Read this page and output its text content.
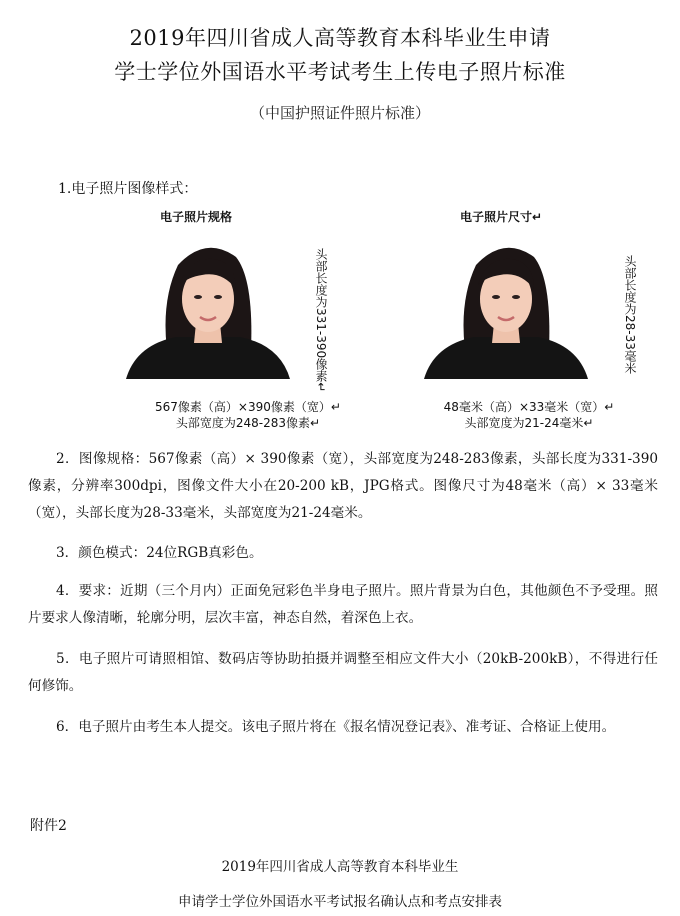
2019年四川省成人高等教育本科毕业生申请
学士学位外国语水平考试考生上传电子照片标准
（中国护照证件照片标准）
1.电子照片图像样式：
电子照片规格
头部长度为331-390像素↵
567像素（高）×390像素（宽）↵
头部宽度为248-283像素↵
电子照片尺寸↵
头部长度为28-33毫米
48毫米（高）×33毫米（宽）↵
头部宽度为21-24毫米↵
2．图像规格：567像素（高）× 390像素（宽），头部宽度为248-283像素，头部长度为331-390像素，分辨率300dpi，图像文件大小在20-200 kB，JPG格式。图像尺寸为48毫米（高）× 33毫米（宽），头部长度为28-33毫米，头部宽度为21-24毫米。
3．颜色模式：24位RGB真彩色。
4．要求：近期（三个月内）正面免冠彩色半身电子照片。照片背景为白色，其他颜色不予受理。照片要求人像清晰，轮廓分明，层次丰富，神态自然，着深色上衣。
5．电子照片可请照相馆、数码店等协助拍摄并调整至相应文件大小（20kB-200kB），不得进行任何修饰。
6．电子照片由考生本人提交。该电子照片将在《报名情况登记表》、准考证、合格证上使用。
附件2
2019年四川省成人高等教育本科毕业生
申请学士学位外国语水平考试报名确认点和考点安排表
